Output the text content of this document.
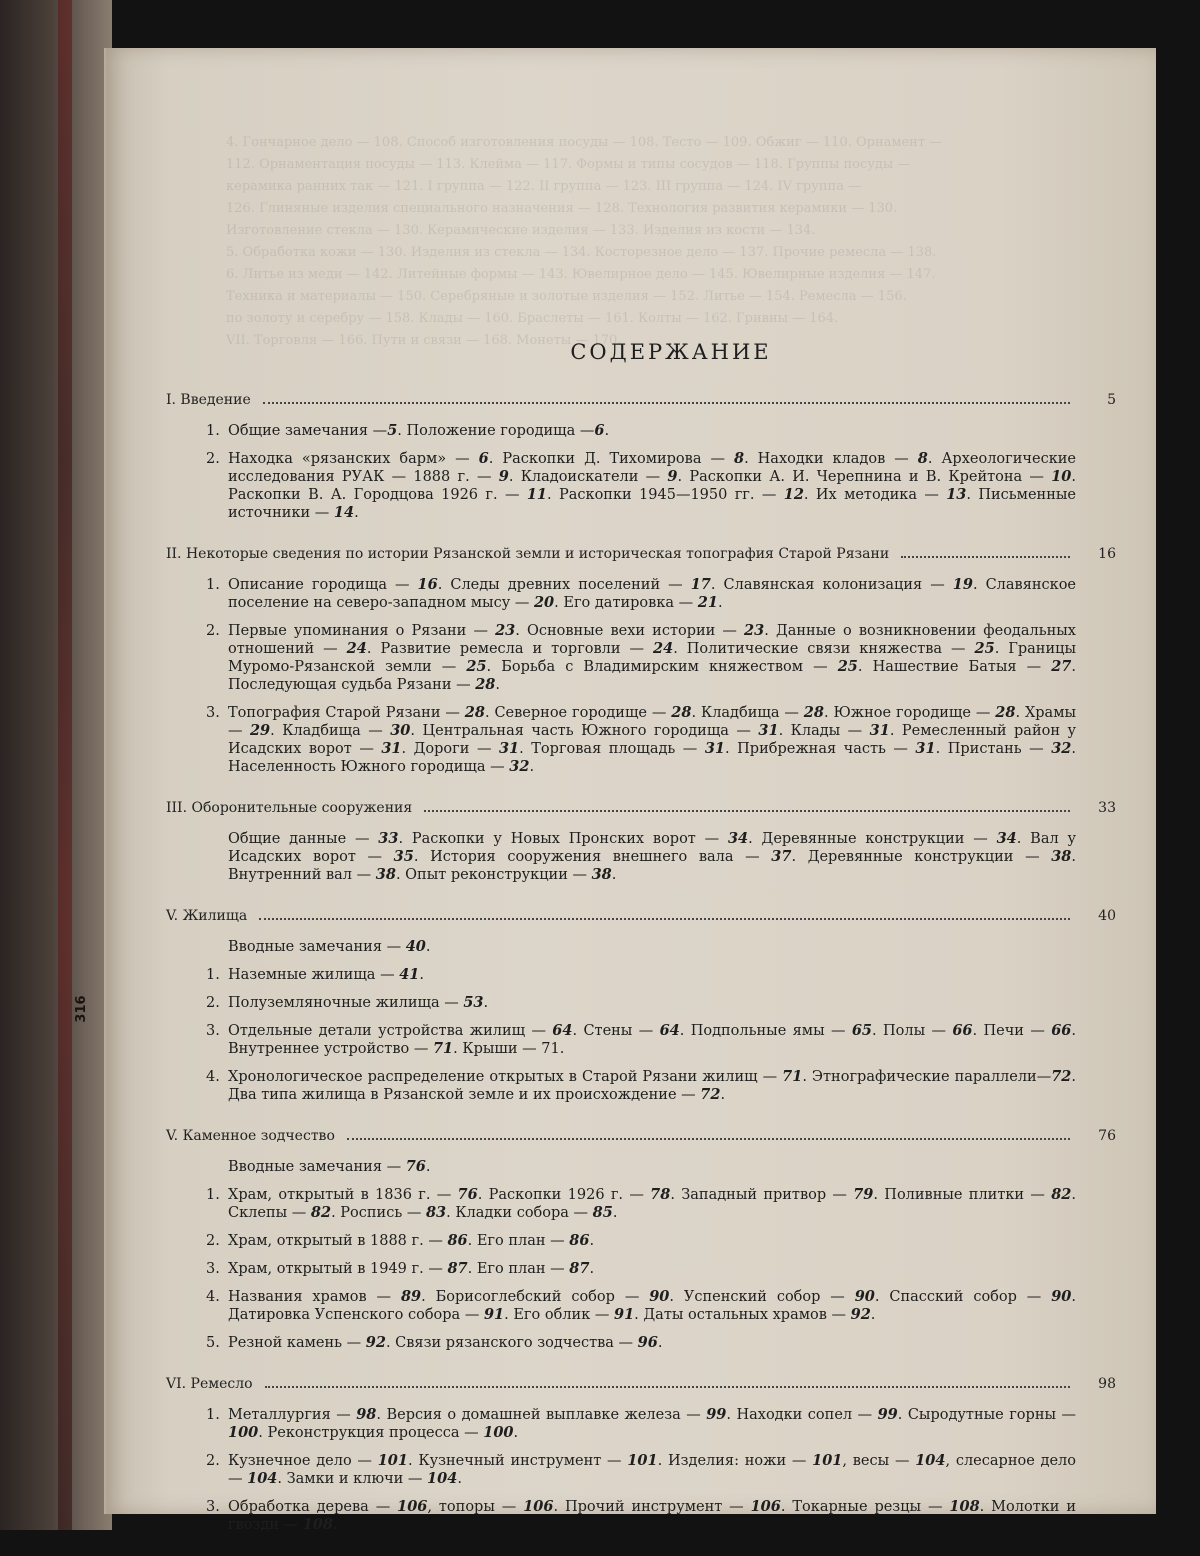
316
4. Гончарное дело — 108. Способ изготовления посуды — 108. Тесто — 109. Обжиг — 110. Орнамент —
112. Орнаментация посуды — 113. Клейма — 117. Формы и типы сосудов — 118. Группы посуды —
керамика ранних так — 121. I группа — 122. II группа — 123. III группа — 124. IV группа —
126. Глиняные изделия специального назначения — 128. Технология развития керамики — 130.
Изготовление стекла — 130. Керамические изделия — 133. Изделия из кости — 134.
5. Обработка кожи — 130. Изделия из стекла — 134. Косторезное дело — 137. Прочие ремесла — 138.
6. Литье из меди — 142. Литейные формы — 143. Ювелирное дело — 145. Ювелирные изделия — 147.
Техника и материалы — 150. Серебряные и золотые изделия — 152. Литье — 154. Ремесла — 156.
по золоту и серебру — 158. Клады — 160. Браслеты — 161. Колты — 162. Гривны — 164.
VII. Торговля — 166. Пути и связи — 168. Монеты — 170.
СОДЕРЖАНИЕ
I. Введение	5
1. Общие замечания —5. Положение городища —6.
2. Находка «рязанских барм» — 6. Раскопки Д. Тихомирова — 8. Находки кладов — 8. Археологические исследования РУАК — 1888 г. — 9. Кладоискатели — 9. Раскопки А. И. Черепнина и В. Крейтона — 10. Раскопки В. А. Городцова 1926 г. — 11. Раскопки 1945—1950 гг. — 12. Их методика — 13. Письменные источники — 14.
II. Некоторые сведения по истории Рязанской земли и историческая топография Старой Рязани	16
1. Описание городища — 16. Следы древних поселений — 17. Славянская колонизация — 19. Славянское поселение на северо-западном мысу — 20. Его датировка — 21.
2. Первые упоминания о Рязани — 23. Основные вехи истории — 23. Данные о возникновении феодальных отношений — 24. Развитие ремесла и торговли — 24. Политические связи княжества — 25. Границы Муромо-Рязанской земли — 25. Борьба с Владимирским княжеством — 25. Нашествие Батыя — 27. Последующая судьба Рязани — 28.
3. Топография Старой Рязани — 28. Северное городище — 28. Кладбища — 28. Южное городище — 28. Храмы — 29. Кладбища — 30. Центральная часть Южного городища — 31. Клады — 31. Ремесленный район у Исадских ворот — 31. Дороги — 31. Торговая площадь — 31. Прибрежная часть — 31. Пристань — 32. Населенность Южного городища — 32.
III. Оборонительные сооружения	33
Общие данные — 33. Раскопки у Новых Пронских ворот — 34. Деревянные конструкции — 34. Вал у Исадских ворот — 35. История сооружения внешнего вала — 37. Деревянные конструкции — 38. Внутренний вал — 38. Опыт реконструкции — 38.
V. Жилища	40
Вводные замечания — 40.
1. Наземные жилища — 41.
2. Полуземляночные жилища — 53.
3. Отдельные детали устройства жилищ — 64. Стены — 64. Подпольные ямы — 65. Полы — 66. Печи — 66. Внутреннее устройство — 71. Крыши — 71.
4. Хронологическое распределение открытых в Старой Рязани жилищ — 71. Этнографические параллели—72. Два типа жилища в Рязанской земле и их происхождение — 72.
V. Каменное зодчество	76
Вводные замечания — 76.
1. Храм, открытый в 1836 г. — 76. Раскопки 1926 г. — 78. Западный притвор — 79. Поливные плитки — 82. Склепы — 82. Роспись — 83. Кладки собора — 85.
2. Храм, открытый в 1888 г. — 86. Его план — 86.
3. Храм, открытый в 1949 г. — 87. Его план — 87.
4. Названия храмов — 89. Борисоглебский собор — 90. Успенский собор — 90. Спасский собор — 90. Датировка Успенского собора — 91. Его облик — 91. Даты остальных храмов — 92.
5. Резной камень — 92. Связи рязанского зодчества — 96.
VI. Ремесло	98
1. Металлургия — 98. Версия о домашней выплавке железа — 99. Находки сопел — 99. Сыродутные горны — 100. Реконструкция процесса — 100.
2. Кузнечное дело — 101. Кузнечный инструмент — 101. Изделия: ножи — 101, весы — 104, слесарное дело — 104. Замки и ключи — 104.
3. Обработка дерева — 106, топоры — 106. Прочий инструмент — 106. Токарные резцы — 108. Молотки и гвозди — 108.
